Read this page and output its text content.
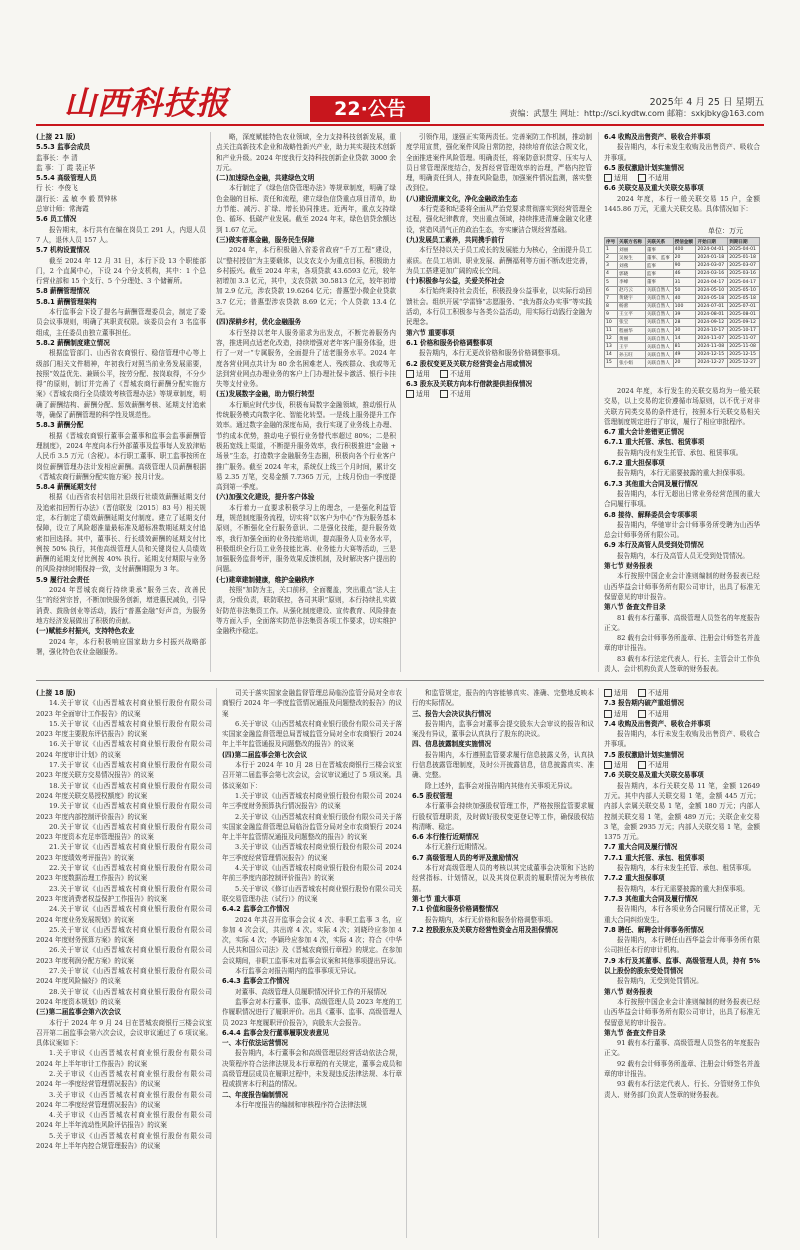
山西科技报	22·公告	2025年 4 月 25 日 星期五
责编：武慧生 网址：http://sci.kydtw.com 邮箱：sxkjbky@163.com
(上接 21 版)
5.5.3 监事会成员
监事长：李 清
监 事：丁 霞 裴正华
5.5.4 高级管理人员
行 长：李俊飞
副行长：孟 敏 李 毅 贾钟林
总审计师：常海霞
5.6 员工情况
报告期末，本行共有在编在岗员工 291 人，内退人员 7 人，退休人员 157 人。
5.7 机构设置情况
截至 2024 年 12 月 31 日，本行下设 13 个职能部门，2 个直属中心，下设 24 个分支机构，其中：1 个总行营业部和 15 个支行、5 个分理处、3 个储蓄所。
5.8 薪酬管理情况
5.8.1 薪酬管理架构
本行监事会下设了提名与薪酬管理委员会，制定了委员会议事规则，明确了其职责权限。该委员会有 3 名监事组成，主任委员由独立董事担任。
5.8.2 薪酬制度建立情况
根据监管部门、山西省农商银行、稳信管理中心等上级部门相关文件精神，年初我行对照当前业务发展需要，按照“效益优先、兼顾公平，按劳分配、按岗取得，不分少得”的原则，制订并完善了《晋城农商行薪酬分配实施方案》《晋城农商行全员绩效考核管理办法》等规章制度，明确了薪酬结构、薪酬分配、惩效薪酬考核、延期支付追索等，确保了薪酬管理的科学性及规范性。
5.8.3 薪酬分配
根据《晋城农商银行董事会董事和监事会监事薪酬管理制度》，2024 年度向本行外部董事及监事每人发放津贴人民币 3.5 万元（含税）。本行职工董事、职工监事按所在岗位薪酬管理办法计发相应薪酬。高级管理人员薪酬根据《晋城农商行薪酬分配实施方案》按月计发。
5.8.4 薪酬延期支付
根据《山西省农村信用社县级行社绩效薪酬延期支付及追索扣回暂行办法》（晋信联发〔2015〕83 号）相关规定，本行制定了绩效薪酬延期支付制度。建立了延期支付保障，设立了风险超准量最标准及超标准数期延期支付追索扣回选择。其中，董事长、行长绩效薪酬的延期支付比例按 50% 执行，其他高级管理人员和关键岗位人员绩效薪酬的延期支付比例按 40% 执行。延期支付期限与业务的风险持续时期保持一致，支付薪酬期限为 3 年。
5.9 履行社会责任
2024 年晋城农商行持续秉承“服务三农、改善民生”的经营宗旨，不断加快服务创新，增进惠民减负，引导消费、鼓励创业等活动，践行“普惠金融”好声音，为服务地方经济发展做出了积极的贡献。
(一)赋能乡村振兴，支持特色农业
2024 年，本行积极响应国家助力乡村振兴战略部署，强化特色农业金融服务。
略，深度赋能特色农业领域，全力支持科技创新发展，重点关注高新技术企业和战略性新兴产业，助力其实现技术创新和产业升级。2024 年度我行支持科技创新企业贷款 3000 余万元。
(二)加速绿色金融，共建绿色文明
本行制定了《绿色信贷管理办法》等规章制度，明确了绿色金融的目标、责任和流程，建立绿色信贷重点项目清单，助力节能、减污、扩绿、增长协同推进。近两年，重点支持绿色、循环、低碳产业发展。截至 2024 年末，绿色信贷余额达到 1.67 亿元。
(三)做实普惠金融，服务民生保障
2024 年，本行积极融入省委省政府“千万工程”建设，以“整村授信”为主要载体，以支农支小为重点目标，积极助力乡村振兴。截至 2024 年末，各项贷款 43.6593 亿元，较年初增加 3.3 亿元，其中，支农贷款 30.5813 亿元，较年初增加 2.9 亿元，涉农贷款 19.6264 亿元；普惠型小微企业贷款 3.7 亿元；普惠型涉农贷款 8.69 亿元；个人贷款 13.4 亿元。
(四)深耕乡村，优化金融服务
本行坚持以老年人服务需求为出发点，不断完善服务内容，推进网点适老化改造，持续增强对老年客户服务体验，进行了一对一“专属服务，全面提升了适老服务水平。2024 年度各营业网点共计为 80 余名困难老人、残疾群众、我或等无法到营业网点办理业务的客户上门办理社保卡激活、银行卡挂失等支付业务。
(五)发展数字金融，助力银行转型
本行顺应时代步伐，积极布局数字金融领域，推动银行从传统服务模式向数字化、智能化转型。一是线上服务提升工作效率。通过数字金融的深度布局，我行实现了业务线上办理、节约成本优势，推动电子银行业务替代率超过 80%；二是积极拓宽线上渠道，不断提升服务效率，我行积极推进“金融 + 场景”生态，打造数字金融服务生态圈，积极向各个行业客户推广服务。截至 2024 年末，系统仅上线三个月时间，累计交易 2.35 万笔，交易金额 7.7365 万元，上线月份由一季度提高到第一季度。
(六)加强文化建设，提升客户体验
本行着力一直要求积极学习上的理念，一是强化利益管理，规范制度服务流程，切实将“以客户为中心”作为服务基本原则，不断强化全行服务意识、二是强化技能，提升服务效率，我行加强全面的业务技能培训，提高服务人员业务水平，积极组织全行员工业务技能比赛、业务能力大赛等活动，三是加强服务监督考评，服务效果反馈机制，及时解决客户提出的问题。
(七)建章建制健康，维护金融秩序
按照“加防为主，关口前移，全面覆盖，突出重点”法人主责，分级负责，联防联控，各司其职”原则，本行持续扎实做好防范非法集资工作。从强化制度建设、宣传教育、风险排查等方面入手，全面落实防范非法集资各项工作要求，切实维护金融秩序稳定。
引领作用，遂强正实策两责任。完善案防工作机制，推动制度学用宣贯，强化案件风险日常防控，持续培育依法合规文化，全面推进案件风险管理。明确责任，将案防意识贯穿、压实与人员日常管理深度结合，发挥经营管理效率的治理，严格内控管理，明确责任到人，排查风险隐患，加强案件情况监测，落实整改到位。
(八)建设清廉文化，净化金融政治生态
本行党委和纪委将全面从严治党要求贯彻落实到经营管理全过程，强化纪律教育，突出重点领域，持续推进清廉金融文化建设，营造风清气正的政治生态，夯实廉洁合规经营基础。
(九)发展员工素养，共同携手前行
本行坚持以关于员工成长的发展能力为核心，全面提升员工素质。在员工培训、职业发展、薪酬福利等方面不断改进完善，为员工搭建更加广阔的成长空间。
(十)积极参与公益，关爱关怀社会
本行始终秉持社会责任，积极投身公益事业，以实际行动回馈社会。组织开展“学雷锋”志愿服务、“我为群众办实事”等实践活动，本行员工积极参与各类公益活动，用实际行动践行金融为民理念。
第六节 重要事项
6.1 价格和服务价格调整事项
报告期内，本行无更改价格和服务价格调整事项。
6.2 股权变更及关联方经营资金占用或情况
适用	不适用
6.3 股东及关联方向本行借款提供担保情况
适用	不适用
6.4 收购及出售资产、吸收合并事项
报告期内，本行未发生收购及出售资产、吸收合并事项。
6.5 股权激励计划实施情况
适用	不适用
6.6 关联交易及重大关联交易事项
2024 年度，本行一般关联交易 15 户，金额 1445.86 万元，无重大关联交易。具体情况如下：
单位：万元
序号	关联方名称	关联关系	授信金额	开始日期	到期日期
1	刘丽	董事	400	2024-04-01	2025-04-01
2	吴俊生	董事、监事	20	2024-01-18	2025-01-18
3	刘燕	监事	90	2024-03-07	2025-03-07
4	郭晓	监事	46	2024-03-16	2025-03-16
5	李峰	董事	31	2024-04-17	2025-04-17
6	赵巧云	关联自然人	50	2024-05-10	2025-05-10
7	黄晓宇	关联自然人	40	2024-05-18	2025-05-18
8	杨蕾	关联自然人	100	2024-07-01	2025-07-01
9	王立平	关联自然人	39	2024-08-01	2025-08-01
10	张宝	关联自然人	28	2024-09-12	2025-09-12
11	程丽华	关联自然人	30	2024-10-17	2025-10-17
12	黄丽	关联自然人	14	2024-11-07	2025-11-07
13	王宇	关联自然人	81	2024-11-08	2025-11-08
14	孙玉旺	关联自然人	49	2024-12-15	2025-12-15
15	张小娟	关联自然人	20	2024-12-27	2025-12-27
2024 年度，本行发生的关联交易均为一般关联交易，以上交易的定价遵循市场原则，以不优于对非关联方同类交易的条件进行，按照本行关联交易相关管理制度规定进行了审议，履行了相应审批程序。
6.7 重大会计差错更正情况
6.7.1 重大托管、承包、租赁事项
报告期内没有发生托管、承包、租赁事项。
6.7.2 重大担保事项
报告期内，本行无需要披露的重大担保事项。
6.7.3 其他重大合同及履行情况
报告期内，本行无超出日常业务经营范围的重大合同履行事项。
6.8 接待、解释委员会专项事项
报告期内，华驰审计会计师事务所受聘为山西华总会计师事务所有限公司。
6.9 本行及高管人员受到处罚情况
报告期内，本行及高管人员无受到处罚情况。
第七节 财务报表
本行按照中国企业会计准则编制的财务报表已经山西华益会计师事务所有限公司审计，出具了标准无保留意见的审计报告。
第八节 备查文件目录
81 载有本行董事、高级管理人员签名的年度报告正文。
82 载有会计师事务所盖章、注册会计师签名并盖章的审计报告。
83 载有本行法定代表人、行长、主管会计工作负责人、会计机构负责人签章的财务报表。
(上接 18 版)
14.关于审议《山西晋城农村商业银行股份有限公司 2023 年全面审计工作报告》的议案
15.关于审议《山西晋城农村商业银行股份有限公司 2023 年度主要股东评估报告》的议案
16.关于审议《山西晋城农村商业银行股份有限公司 2024 年度审计计划》的议案
17.关于审议《山西晋城农村商业银行股份有限公司 2023 年度关联方交易情况报告》的议案
18.关于审议《山西晋城农村商业银行股份有限公司 2024 年度关联交易授权额度》的议案
19.关于审议《山西晋城农村商业银行股份有限公司 2023 年度内部控制评价报告》的议案
20.关于审议《山西晋城农村商业银行股份有限公司 2023 年度资本充足率管理报告》的议案
21.关于审议《山西晋城农村商业银行股份有限公司 2023 年度绩效考评报告》的议案
22.关于审议《山西晋城农村商业银行股份有限公司 2023 年度数据治理工作报告》的议案
23.关于审议《山西晋城农村商业银行股份有限公司 2023 年度消费者权益保护工作报告》的议案
24.关于审议《山西晋城农村商业银行股份有限公司 2024 年度业务发展规划》的议案
25.关于审议《山西晋城农村商业银行股份有限公司 2024 年度财务预算方案》的议案
26.关于审议《山西晋城农村商业银行股份有限公司 2023 年度利润分配方案》的议案
27.关于审议《山西晋城农村商业银行股份有限公司 2024 年度风险偏好》的议案
28.关于审议《山西晋城农村商业银行股份有限公司 2024 年度资本规划》的议案
(三)第二届监事会第六次会议
本行于 2024 年 9 月 24 日在晋城农商银行三楼会议室召开第二届监事会第六次会议，会议审议通过了 6 项议案。具体议案如下：
1.关于审议《山西晋城农村商业银行股份有限公司 2024 年上半年审计工作报告》的议案
2.关于审议《山西晋城农村商业银行股份有限公司 2024 年一季度经营管理情况报告》的议案
3.关于审议《山西晋城农村商业银行股份有限公司 2024 年二季度经营管理情况报告》的议案
4.关于审议《山西晋城农村商业银行股份有限公司 2024 年上半年流动性风险评估报告》的议案
5.关于审议《山西晋城农村商业银行股份有限公司 2024 年上半年内控合规管理报告》的议案
司关于落实国家金融监督管理总局临汾监管分局对全市农商银行 2024 年一季度监管情况通报及问题整改的报告》的议案
6.关于审议《山西晋城农村商业银行股份有限公司关于落实国家金融监督管理总局晋城监管分局对全市农商银行 2024 年上半年监管通报及问题整改的报告》的议案
(四)第二届监事会第七次会议
本行于 2024 年 10 月 28 日在晋城农商银行三楼会议室召开第二届监事会第七次会议，会议审议通过了 5 项议案。具体议案如下：
1.关于审议《山西晋城农村商业银行股份有限公司 2024 年三季度财务预算执行情况报告》的议案
2.关于审议《山西晋城农村商业银行股份有限公司关于落实国家金融监督管理总局临汾监管分局对全市农商银行 2024 年上半年监管情况通报及问题整改的报告》的议案
3.关于审议《山西晋城农村商业银行股份有限公司 2024 年三季度经营管理情况报告》的议案
4.关于审议《山西晋城农村商业银行股份有限公司 2024 年前三季度内部控制评价报告》的议案
5.关于审议《修订山西晋城农村商业银行股份有限公司关联交易管理办法（试行）》的议案
6.4.2 监事会工作情况
2024 年共召开监事会会议 4 次、非职工监事 3 名，应参加 4 次会议，共出席 4 次。实际 4 次；刘晓玲应参加 4 次，实际 4 次；李颖玲应参加 4 次，实际 4 次；符合《中华人民共和国公司法》及《晋城农商银行章程》的规定。在参加会议期间，非职工监事未对监事会议案和其他事项提出异议。
本行监事会对报告期内的监事事项无异议。
6.4.3 监事会工作情况
对董事、高级管理人员履职情况评价工作的开展情况
监事会对本行董事、监事、高级管理人员 2023 年度的工作履职情况进行了履职评价。出具《董事、监事、高级管理人员 2023 年度履职评价报告》，向股东大会报告。
6.4.4 监事会发行董事履职发表意见
一、本行依法运营情况
报告期内，本行董事会和高级管理层经营活动依法合规，决策程序符合法律法规及本行章程的有关规定，董事会成员和高级管理层成员在履职过程中，未发现违反法律法规、本行章程或损害本行利益的情况。
二、年度报告编制情况
本行年度报告的编制和审核程序符合法律法规
和监管规定，报告的内容能够真实、准确、完整地反映本行的实际情况。
三、报告大会决议执行情况
报告期内，监事会对董事会提交股东大会审议的报告和议案没有异议，董事会认真执行了股东的决议。
四、信息披露制度实施情况
报告期内，本行遵照监管要求履行信息披露义务，认真执行信息披露管理制度，及时公开披露信息，信息披露真实、准确、完整。
除上述外，监事会对报告期内其他有关事项无异议。
6.5 股权管理
本行董事会持续加强股权管理工作，严格按照监管要求履行股权管理职责，及时做好股权变更登记等工作，确保股权结构清晰、稳定。
6.6 本行推行近期情况
本行无推行近期情况。
6.7 高级管理人员的考评及激励情况
本行对高级管理人员的考核以其完成董事会决策和下达的经营指标、计划情况，以及其岗位职责的履职情况为考核依据。
第七节 重大事项
7.1 价值和服务价格调整情况
报告期内，本行无价格和服务价格调整事项。
7.2 控股股东及关联方经营性资金占用及担保情况
适用	不适用
7.3 报告期内破产重组情况
适用	不适用
7.4 收购及出售资产、吸收合并事项
报告期内，本行未发生收购及出售资产、吸收合并事项。
7.5 股权激励计划实施情况
适用	不适用
7.6 关联交易及重大关联交易事项
报告期内，本行关联交易 11 笔，金额 12649 万元。其中内部人关联交易 1 笔，金额 445 万元；内部人亲属关联交易 1 笔，金额 180 万元；内部人控制关联交易 1 笔，金额 489 万元；关联企业交易 3 笔，金额 2935 万元；内部人关联交易 1 笔，金额 1375 万元。
7.7 重大合同及履行情况
7.7.1 重大托管、承包、租赁事项
报告期内，本行未发生托管、承包、租赁事项。
7.7.2 重大担保事项
报告期内，本行无需要披露的重大担保事项。
7.7.3 其他重大合同及履行情况
报告期内，本行各项业务合同履行情况正常，无重大合同纠纷发生。
7.8 聘任、解聘会计师事务所情况
报告期内，本行聘任山西华益会计师事务所有限公司担任本行的审计机构。
7.9 本行及其董事、监事、高级管理人员，持有 5% 以上股份的股东受处罚情况
报告期内，无受到处罚情况。
第八节 财务报表
本行按照中国企业会计准则编制的财务报表已经山西华益会计师事务所有限公司审计，出具了标准无保留意见的审计报告。
第九节 备查文件目录
91 载有本行董事、高级管理人员签名的年度报告正文。
92 载有会计师事务所盖章、注册会计师签名并盖章的审计报告。
93 载有本行法定代表人、行长、分管财务工作负责人、财务部门负责人签章的财务报表。
